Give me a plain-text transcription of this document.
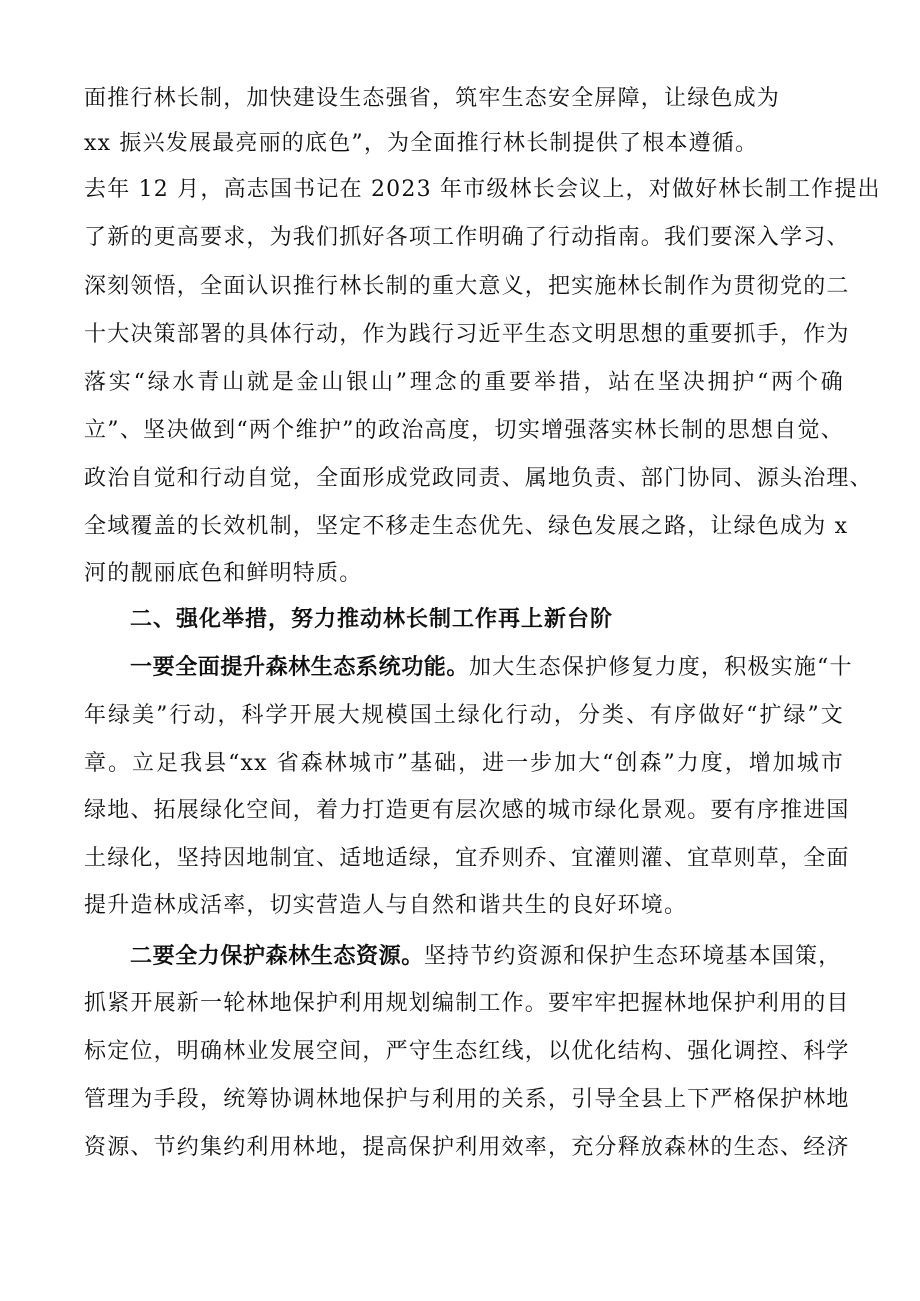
面推行林长制，加快建设生态强省，筑牢生态安全屏障，让绿色成为
xx 振兴发展最亮丽的底色”，为全面推行林长制提供了根本遵循。
去年 12 月，高志国书记在 2023 年市级林长会议上，对做好林长制工作提出
了新的更高要求，为我们抓好各项工作明确了行动指南。我们要深入学习、
深刻领悟，全面认识推行林长制的重大意义，把实施林长制作为贯彻党的二
十大决策部署的具体行动，作为践行习近平生态文明思想的重要抓手，作为
落实“绿水青山就是金山银山”理念的重要举措，站在坚决拥护“两个确
立”、坚决做到“两个维护”的政治高度，切实增强落实林长制的思想自觉、
政治自觉和行动自觉，全面形成党政同责、属地负责、部门协同、源头治理、
全域覆盖的长效机制，坚定不移走生态优先、绿色发展之路，让绿色成为 x
河的靓丽底色和鲜明特质。
二、强化举措，努力推动林长制工作再上新台阶
一要全面提升森林生态系统功能。加大生态保护修复力度，积极实施“十
年绿美”行动，科学开展大规模国土绿化行动，分类、有序做好“扩绿”文
章。立足我县“xx 省森林城市”基础，进一步加大“创森”力度，增加城市
绿地、拓展绿化空间，着力打造更有层次感的城市绿化景观。要有序推进国
土绿化，坚持因地制宜、适地适绿，宜乔则乔、宜灌则灌、宜草则草，全面
提升造林成活率，切实营造人与自然和谐共生的良好环境。
二要全力保护森林生态资源。坚持节约资源和保护生态环境基本国策，
抓紧开展新一轮林地保护利用规划编制工作。要牢牢把握林地保护利用的目
标定位，明确林业发展空间，严守生态红线，以优化结构、强化调控、科学
管理为手段，统筹协调林地保护与利用的关系，引导全县上下严格保护林地
资源、节约集约利用林地，提高保护利用效率，充分释放森林的生态、经济
